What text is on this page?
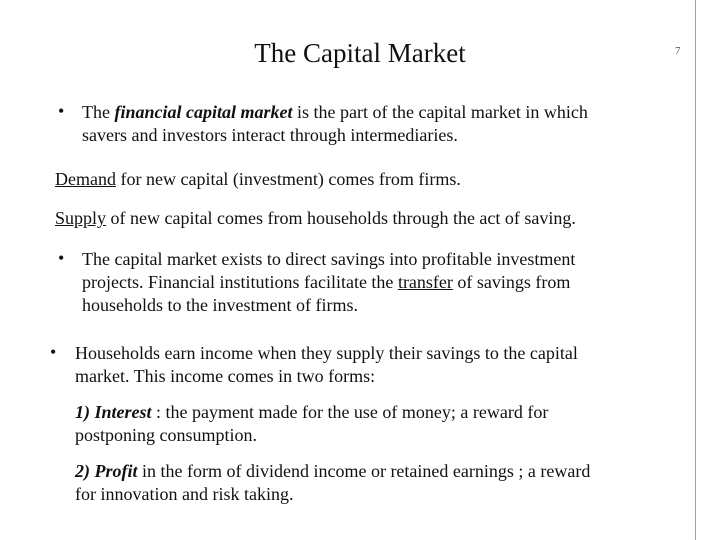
7
The Capital Market
• The financial capital market is the part of the capital market in which
savers and investors interact through intermediaries.
Demand for new capital (investment) comes from firms.
Supply of new capital comes from households through the act of saving.
• The capital market exists to direct savings into profitable investment
projects. Financial institutions facilitate the transfer of savings from
households to the investment of firms.
• Households earn income when they supply their savings to the capital
market. This income comes in two forms:
1) Interest : the payment made for the use of money; a reward for
postponing consumption.
2) Profit in the form of dividend income or retained earnings ; a reward
for innovation and risk taking.
